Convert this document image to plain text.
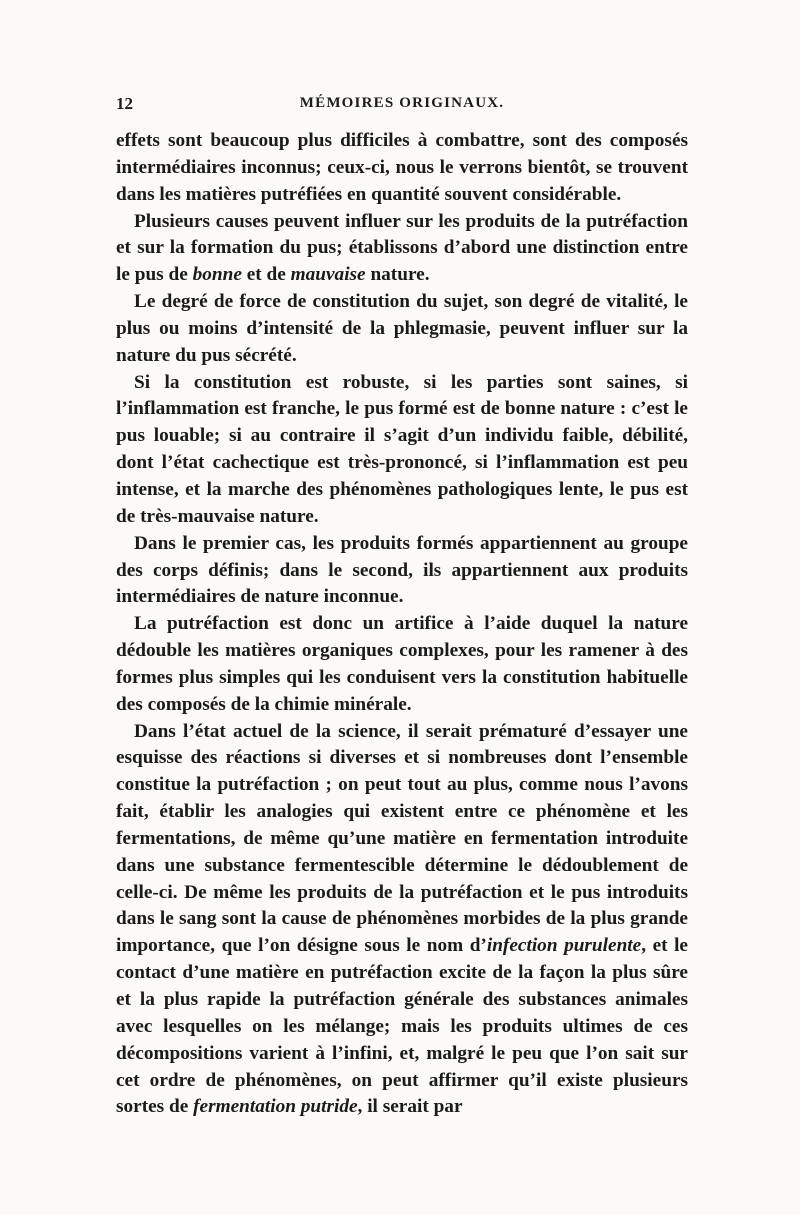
12	MÉMOIRES ORIGINAUX.

effets sont beaucoup plus difficiles à combattre, sont des composés intermédiaires inconnus; ceux-ci, nous le verrons bientôt, se trouvent dans les matières putréfiées en quantité souvent considérable.

Plusieurs causes peuvent influer sur les produits de la putréfaction et sur la formation du pus; établissons d’abord une distinction entre le pus de bonne et de mauvaise nature.

Le degré de force de constitution du sujet, son degré de vitalité, le plus ou moins d’intensité de la phlegmasie, peuvent influer sur la nature du pus sécrété.

Si la constitution est robuste, si les parties sont saines, si l’inflammation est franche, le pus formé est de bonne nature : c’est le pus louable; si au contraire il s’agit d’un individu faible, débilité, dont l’état cachectique est très-prononcé, si l’inflammation est peu intense, et la marche des phénomènes pathologiques lente, le pus est de très-mauvaise nature.

Dans le premier cas, les produits formés appartiennent au groupe des corps définis; dans le second, ils appartiennent aux produits intermédiaires de nature inconnue.

La putréfaction est donc un artifice à l’aide duquel la nature dédouble les matières organiques complexes, pour les ramener à des formes plus simples qui les conduisent vers la constitution habituelle des composés de la chimie minérale.

Dans l’état actuel de la science, il serait prématuré d’essayer une esquisse des réactions si diverses et si nombreuses dont l’ensemble constitue la putréfaction ; on peut tout au plus, comme nous l’avons fait, établir les analogies qui existent entre ce phénomène et les fermentations, de même qu’une matière en fermentation introduite dans une substance fermentescible détermine le dédoublement de celle-ci. De même les produits de la putréfaction et le pus introduits dans le sang sont la cause de phénomènes morbides de la plus grande importance, que l’on désigne sous le nom d’infection purulente, et le contact d’une matière en putréfaction excite de la façon la plus sûre et la plus rapide la putréfaction générale des substances animales avec lesquelles on les mélange; mais les produits ultimes de ces décompositions varient à l’infini, et, malgré le peu que l’on sait sur cet ordre de phénomènes, on peut affirmer qu’il existe plusieurs sortes de fermentation putride, il serait par
